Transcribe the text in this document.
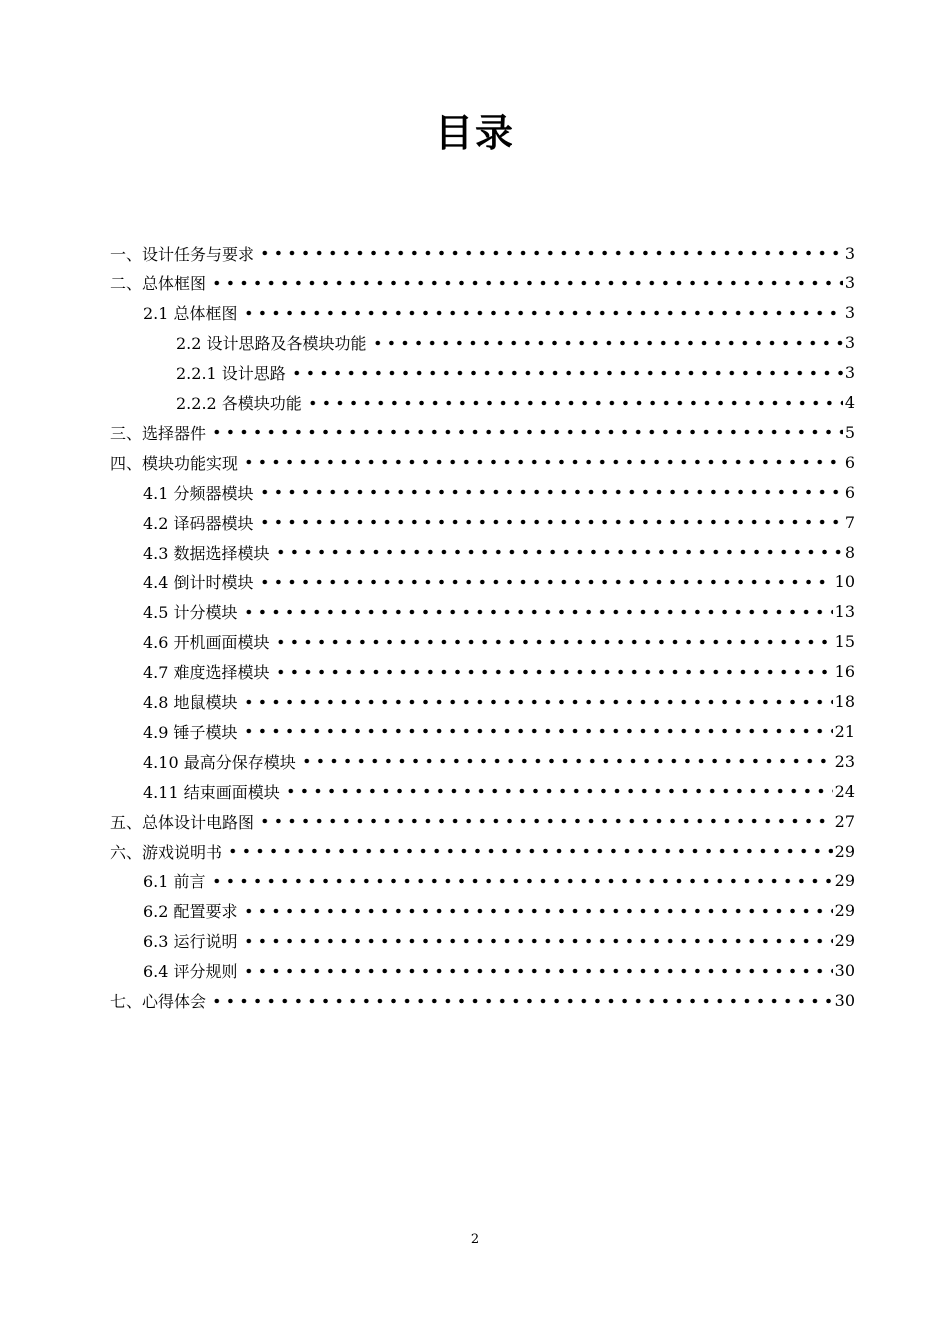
目录
一、设计任务与要求	3
二、总体框图	3
2.1 总体框图	3
2.2 设计思路及各模块功能	3
2.2.1 设计思路	3
2.2.2 各模块功能	4
三、选择器件	5
四、模块功能实现	6
4.1 分频器模块	6
4.2 译码器模块	7
4.3 数据选择模块	8
4.4 倒计时模块	10
4.5 计分模块	13
4.6 开机画面模块	15
4.7 难度选择模块	16
4.8 地鼠模块	18
4.9 锤子模块	21
4.10 最高分保存模块	23
4.11 结束画面模块	24
五、总体设计电路图	27
六、游戏说明书	29
6.1 前言	29
6.2 配置要求	29
6.3 运行说明	29
6.4 评分规则	30
七、心得体会	30
2
